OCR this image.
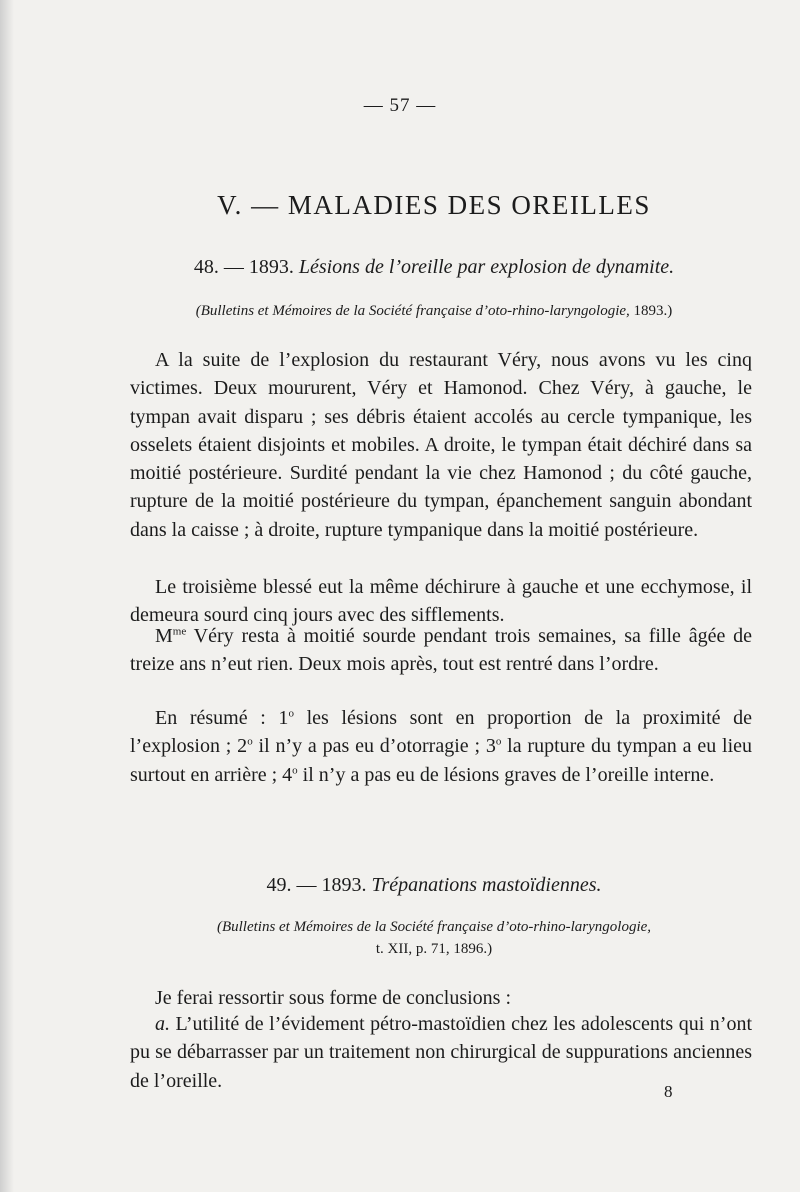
— 57 —
V. — MALADIES DES OREILLES
48. — 1893. Lésions de l’oreille par explosion de dynamite.
(Bulletins et Mémoires de la Société française d’oto-rhino-laryngologie, 1893.)

A la suite de l’explosion du restaurant Véry, nous avons vu les cinq victimes. Deux moururent, Véry et Hamonod. Chez Véry, à gauche, le tympan avait disparu ; ses débris étaient accolés au cercle tympanique, les osselets étaient disjoints et mobiles. A droite, le tympan était déchiré dans sa moitié postérieure. Surdité pendant la vie chez Hamonod ; du côté gauche, rupture de la moitié postérieure du tympan, épanchement sanguin abondant dans la caisse ; à droite, rupture tympanique dans la moitié postérieure.

Le troisième blessé eut la même déchirure à gauche et une ecchymose, il demeura sourd cinq jours avec des sifflements.

$M^{me}$ Véry resta à moitié sourde pendant trois semaines, sa fille âgée de treize ans n’eut rien. Deux mois après, tout est rentré dans l’ordre.

En résumé : 1$^o$ les lésions sont en proportion de la proximité de l’explosion ; 2$^o$ il n’y a pas eu d’otorragie ; 3$^o$ la rupture du tympan a eu lieu surtout en arrière ; 4$^o$ il n’y a pas eu de lésions graves de l’oreille interne.

49. — 1893. Trépanations mastoïdiennes.
(Bulletins et Mémoires de la Société française d’oto-rhino-laryngologie,
t. XII, p. 71, 1896.)

Je ferai ressortir sous forme de conclusions :

a. L’utilité de l’évidement pétro-mastoïdien chez les adolescents qui n’ont pu se débarrasser par un traitement non chirurgical de suppurations anciennes de l’oreille.	8
